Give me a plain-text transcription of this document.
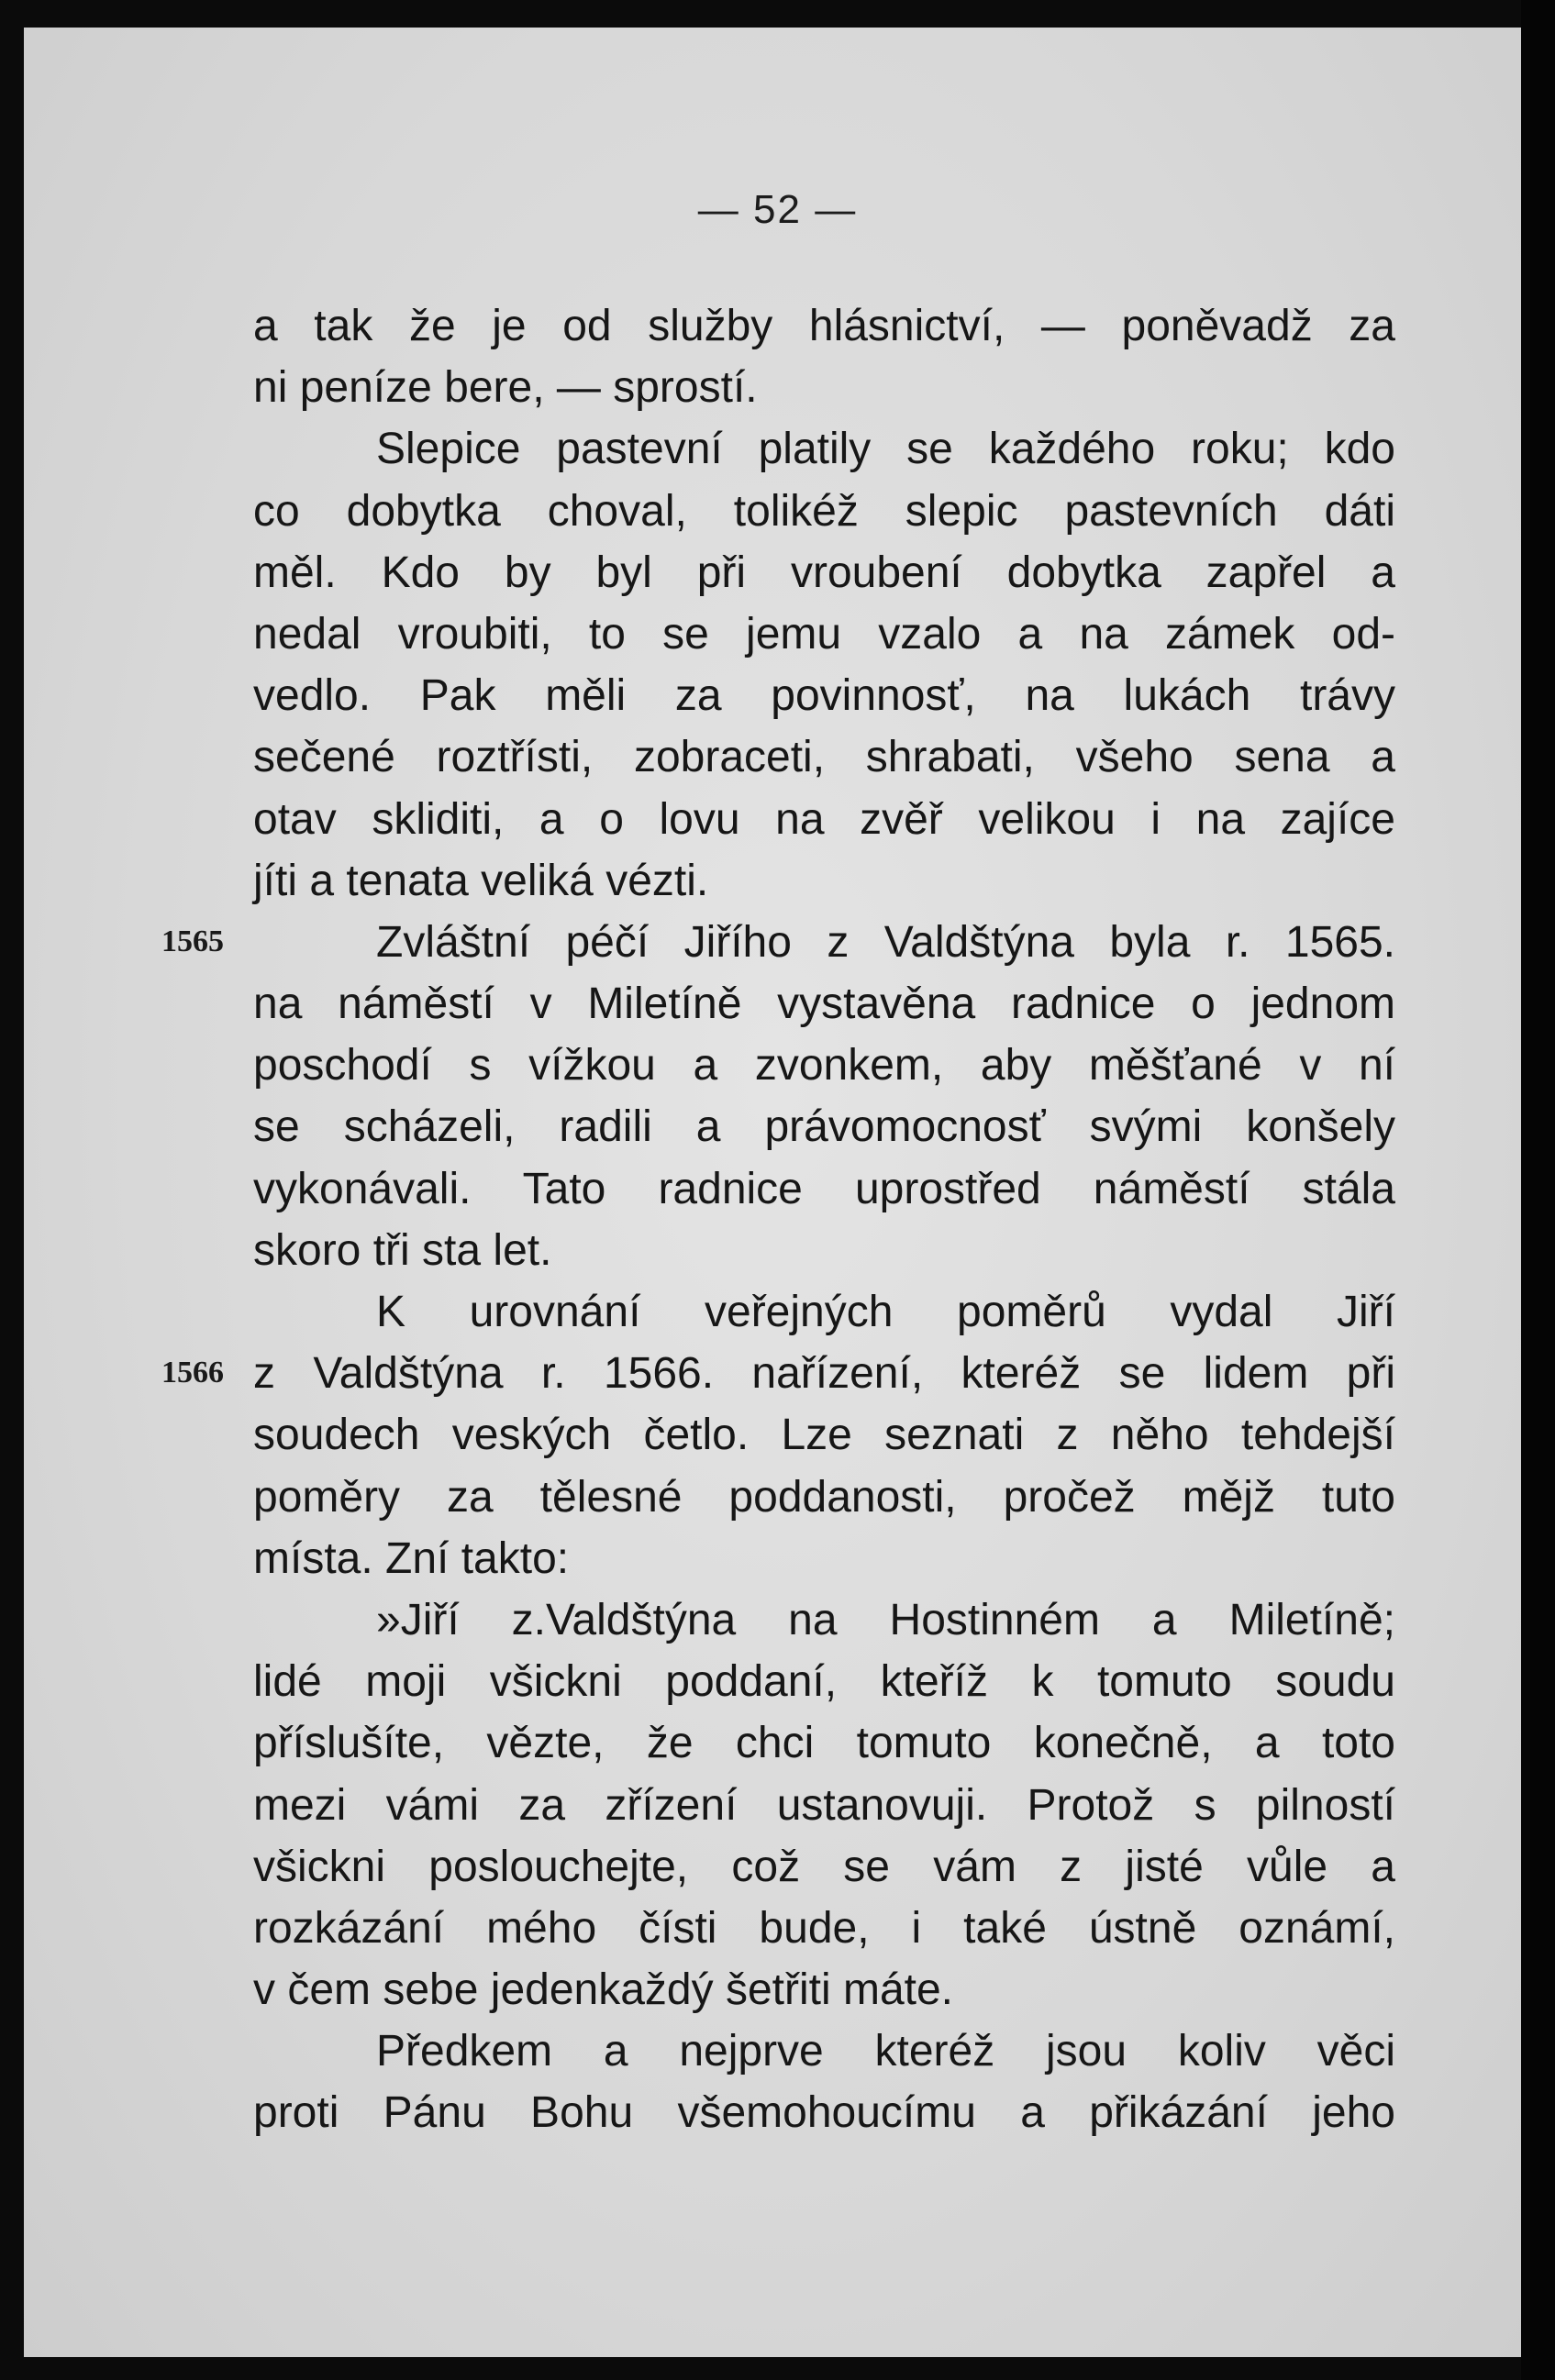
— 52 —
a tak že je od služby hlásnictví, — poněvadž za
ni peníze bere, — sprostí.
Slepice pastevní platily se každého roku; kdo
co dobytka choval, tolikéž slepic pastevních dáti
měl. Kdo by byl při vroubení dobytka zapřel a
nedal vroubiti, to se jemu vzalo a na zámek od-
vedlo. Pak měli za povinnosť, na lukách trávy
sečené roztřísti, zobraceti, shrabati, všeho sena a
otav skliditi, a o lovu na zvěř velikou i na zajíce
jíti a tenata veliká vézti.
Zvláštní péčí Jiřího z Valdštýna byla r. 1565.
na náměstí v Miletíně vystavěna radnice o jednom
poschodí s vížkou a zvonkem, aby měšťané v ní
se scházeli, radili a právomocnosť svými konšely
vykonávali. Tato radnice uprostřed náměstí stála
skoro tři sta let.
K urovnání veřejných poměrů vydal Jiří
z Valdštýna r. 1566. nařízení, kteréž se lidem při
soudech veských četlo. Lze seznati z něho tehdejší
poměry za tělesné poddanosti, pročež mějž tuto
místa. Zní takto:
»Jiří z.Valdštýna na Hostinném a Miletíně;
lidé moji všickni poddaní, kteříž k tomuto soudu
příslušíte, vězte, že chci tomuto konečně, a toto
mezi vámi za zřízení ustanovuji. Protož s pilností
všickni poslouchejte, což se vám z jisté vůle a
rozkázání mého čísti bude, i také ústně oznámí,
v čem sebe jedenkaždý šetřiti máte.
Předkem a nejprve kteréž jsou koliv věci
proti Pánu Bohu všemohoucímu a přikázání jeho
1565
1566
